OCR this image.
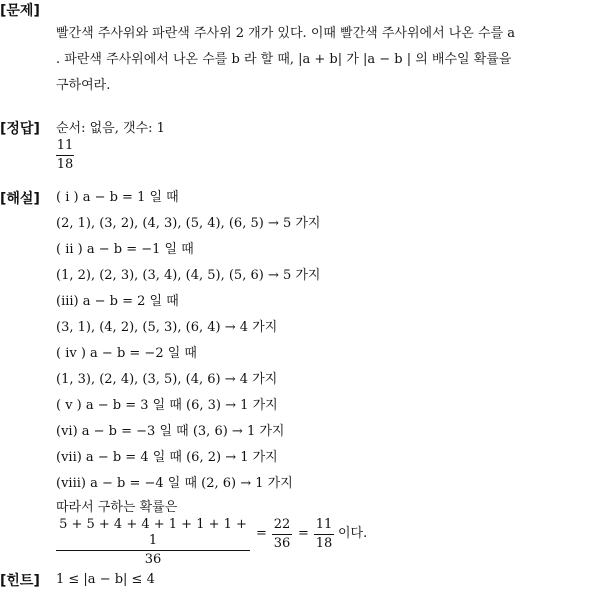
[문제]
빨간색 주사위와 파란색 주사위 2 개가 있다. 이때 빨간색 주사위에서 나온 수를 a
. 파란색 주사위에서 나온 수를 b 라 할 때, |a + b| 가 |a − b | 의 배수일 확률을
구하여라.
[정답] 순서: 없음, 갯수: 1
11
18
[해설] ( i ) a − b = 1 일 때
(2, 1), (3, 2), (4, 3), (5, 4), (6, 5) → 5 가지
( ii ) a − b = −1 일 때
(1, 2), (2, 3), (3, 4), (4, 5), (5, 6) → 5 가지
(iii) a − b = 2 일 때
(3, 1), (4, 2), (5, 3), (6, 4) → 4 가지
( iv ) a − b = −2 일 때
(1, 3), (2, 4), (3, 5), (4, 6) → 4 가지
( v ) a − b = 3 일 때 (6, 3) → 1 가지
(vi) a − b = −3 일 때 (3, 6) → 1 가지
(vii) a − b = 4 일 때 (6, 2) → 1 가지
(viii) a − b = −4 일 때 (2, 6) → 1 가지
따라서 구하는 확률은
5 + 5 + 4 + 4 + 1 + 1 + 1 + 1
36
=
22
36
=
11
18
이다.
[힌트] 1 ≤ |a − b| ≤ 4
